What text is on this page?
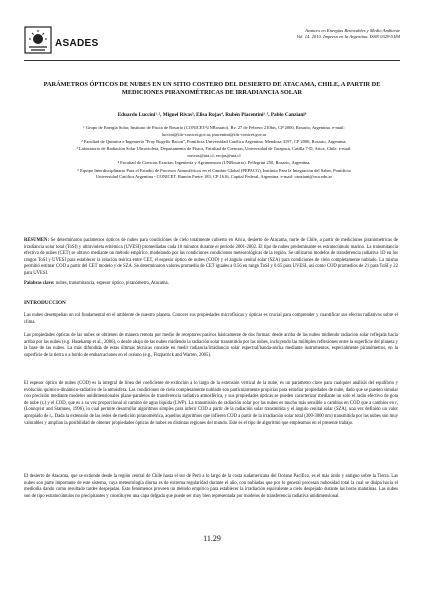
ASADES
Avances en Energías Renovables y Medio Ambiente
Vol. 14, 2010. Impreso en la Argentina. ISSN 0329-5184
PARÁMETROS ÓPTICOS DE NUBES EN UN SITIO COSTERO DEL DESIERTO DE ATACAMA, CHILE, A PARTIR DE MEDICIONES PIRANOMÉTRICAS DE IRRADIANCIA SOLAR
Eduardo Luccini¹˒², Miguel Rivas³, Elisa Rojas⁴, Rubén Piacentini¹˒⁵, Pablo Canziani⁶
¹ Grupo de Energía Solar, Instituto de Física de Rosario (CONICET-UNRosario). Bv. 27 de Febrero 210bis, CP 2000, Rosario, Argentina. e-mail: luccini@ifir-conicet.gov.ar, piacentini@ifir-conicet.gov.ar
² Facultad de Química e Ingeniería "Fray Rogelio Bacon", Pontificia Universidad Católica Argentina. Mendoza 4197, CP 2000, Rosario, Argentina.
³ Laboratorio de Radiación Solar Ultravioleta, Departamento de Física, Facultad de Ciencias, Universidad de Tarapacá, Casilla 7-D, Arica, Chile. e-mail: mrivas@uta.cl, erojas@uta.cl
⁴ Facultad de Ciencias Exactas, Ingeniería y Agrimensura (UNRosario). Pellegrini 250, Rosario, Argentina.
⁵ Equipo Interdisciplinario Para el Estudio de Procesos Atmosféricos en el Cambio Global (PEPACG), Instituto Para la Integración del Saber, Pontificia Universidad Católica Argentina - CONICET. Ramón Freire 183, CP 1616, Capital Federal, Argentina. e-mail: canziani@uca.edu.ar

RESUMEN: Se determinaron parámetros ópticos de nubes para condiciones de cielo totalmente cubierto en Arica, desierto de Atacama, norte de Chile, a partir de mediciones piranométricas de irradiancia solar total (ToSI) y ultravioleta eritémica (UVESI) promediadas cada 10 minutos durante el período 2001-2002. El tipo de nubes predominante es estratocúmulo marino. La transmitancia efectiva de nubes (CET) se obtuvo mediante un método empírico, modelando por las condiciones condiciones meteorológicas de la región. Se utilizaron modelos de transferencia radiativa 1D en los rangos ToSI y UVESI para establecer la relación teórica entre CET, el espesor óptico de nubes (COD) y el ángulo cenital solar (SZA) para condiciones de cielo completamente nublado. La misma permitió estimar COD a partir del CET modelo y de SZA. Se determinaron valores promedio de CET iguales a 0.56 en rango ToSI y 0.65 para UVESI, así como COD promedios de 21 para ToSI y 22 para UVESI.

Palabras clave: nubes, transmitancia, espesor óptico, piranómetro, Atacama.

INTRODUCCION

Las nubes desempeñan un rol fundamental en el ambiente de nuestro planeta. Conocer sus propiedades microfísicas y ópticas es crucial para comprender y cuantificar sus efectos radiativos sobre el clima.

Las propiedades ópticas de las nubes se obtienen de manera remota por medio de receptores pasivos básicamente de dos formas: desde arriba de las nubes midiendo radiación solar reflejada hacia arriba por las nubes (e.g. Hasekamp et al., 2006), o desde abajo de las nubes midiendo la radiación solar transmitida por las nubes, incluyendo las múltiples reflexiones entre la superficie del planeta y la base de las nubes. La más difundida de estas últimas técnicas consiste en medir radiancia/irradiancia solar espectral/banda-ancha mediante instrumentos, especialmente piranómetros, en la superficie de la tierra o a bordo de embarcaciones en el océano (e.g., Fitzpatrick and Warren, 2005).

El espesor óptico de nubes (COD) es la integral de línea del coeficiente de extinción a lo largo de la extensión vertical de la nube, es un parámetro clave para cualquier análisis del equilibrio y evolución químico-dinámico-radiativo de la atmósfera. Las condiciones de cielo completamente nublado son particularmente propicias para estudiar propiedades de nube, dado que se pueden simular con precisión mediante modelos unidimensionales plano-paralelos de transferencia radiativa atmosférica, y sus propiedades ópticas se pueden caracterizar mediante un solo el radio efectivo de gota de nube (rₑ) y el COD, que es a su vez proporcional al camino de agua líquida (LWP). La transmisión de radiación solar por las nubes es mucho más sensible a cambios en COD que a cambios en rₑ (Lonnqvist and Stamnes, 1996), lo cual permite desarrollar algoritmos simples para inferir COD a partir de la radiación solar transmitida y el ángulo cenital solar (SZA), una vez definido un valor apropiado de rₑ. Dada la extensión de las redes de medición piranométrica, aquellos algoritmos que infieren COD a partir de la irradiación solar total (300-3000 nm) transmitida por las nubes son muy valorables y amplían la posibilidad de obtener propiedades ópticas de nubes en distintas regiones del mundo. Este es el tipo de algoritmo que empleamos en el presente trabajo.

El desierto de Atacama, que se extiende desde la región central de Chile hasta el sur de Perú a lo largo de la costa sudamericana del Océano Pacífico, es el más árido y antiguo sobre la Tierra. Las nubes son parte importante de este sistema, cuya meteorología diurna es de extrema regularidad durante el año, con nubladas que por lo general procesan nubosidad total la cual se disipa hacia el mediodía dando como resultado tardes despejadas. Esto fenómenos proveen un método empírico para establecer la irradiación equivalente a cielo despejado durante las horas matutinas. Las nubes son de tipo estratocúmulos no precipitantes y constituyen una capa delgada que puede ser muy bien representada por modelos de transferencia radiativa unidimensional.

11.29
